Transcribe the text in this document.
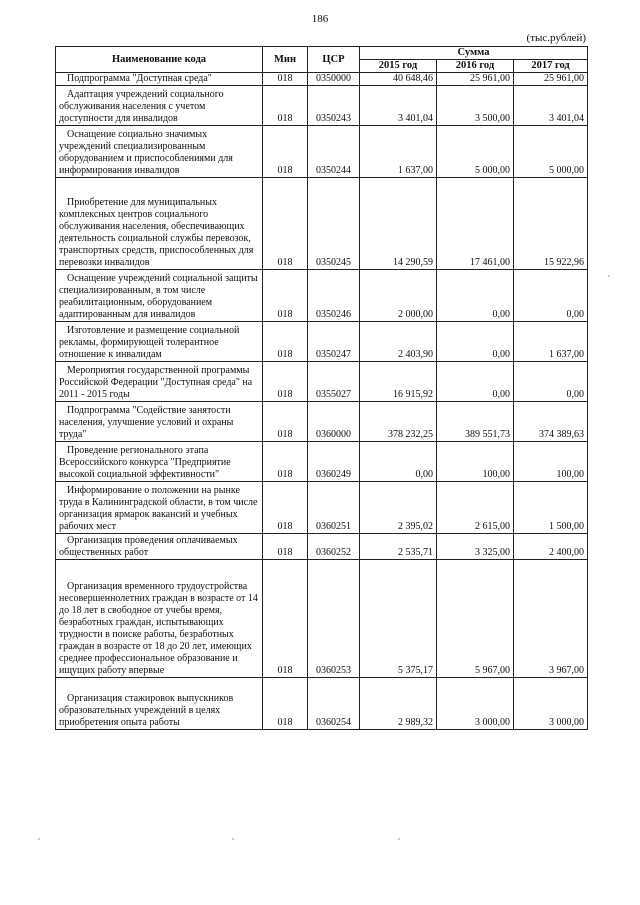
186
(тыс.рублей)
Наименование кода	Мин	ЦСР	Сумма		
			2015 год	2016 год	2017 год
Подпрограмма "Доступная среда"	018	0350000	40 648,46	25 961,00	25 961,00
Адаптация учреждений социального обслуживания населения с учетом доступности для инвалидов	018	0350243	3 401,04	3 500,00	3 401,04
Оснащение социально значимых учреждений специализированным оборудованием и приспособлениями для информирования инвалидов	018	0350244	1 637,00	5 000,00	5 000,00
Приобретение для муниципальных комплексных центров социального обслуживания населения, обеспечивающих деятельность социальной службы перевозок, транспортных средств, приспособленных для перевозки инвалидов	018	0350245	14 290,59	17 461,00	15 922,96
Оснащение учреждений социальной защиты специализированным, в том числе реабилитационным, оборудованием адаптированным для инвалидов	018	0350246	2 000,00	0,00	0,00
Изготовление и размещение социальной рекламы, формирующей толерантное отношение к инвалидам	018	0350247	2 403,90	0,00	1 637,00
Мероприятия государственной программы Российской Федерации "Доступная среда" на 2011 - 2015 годы	018	0355027	16 915,92	0,00	0,00
Подпрограмма "Содействие занятости населения, улучшение условий и охраны труда"	018	0360000	378 232,25	389 551,73	374 389,63
Проведение регионального этапа Всероссийского конкурса "Предприятие высокой социальной эффективности"	018	0360249	0,00	100,00	100,00
Информирование о положении на рынке труда в Калининградской области, в том числе организация ярмарок вакансий и учебных рабочих мест	018	0360251	2 395,02	2 615,00	1 500,00
Организация проведения оплачиваемых общественных работ	018	0360252	2 535,71	3 325,00	2 400,00
Организация временного трудоустройства несовершеннолетних граждан в возрасте от 14 до 18 лет в свободное от учебы время, безработных граждан, испытывающих трудности в поиске работы, безработных граждан в возрасте от 18 до 20 лет, имеющих среднее профессиональное образование и ищущих работу впервые	018	0360253	5 375,17	5 967,00	3 967,00
Организация стажировок выпускников образовательных учреждений в целях приобретения опыта работы	018	0360254	2 989,32	3 000,00	3 000,00
